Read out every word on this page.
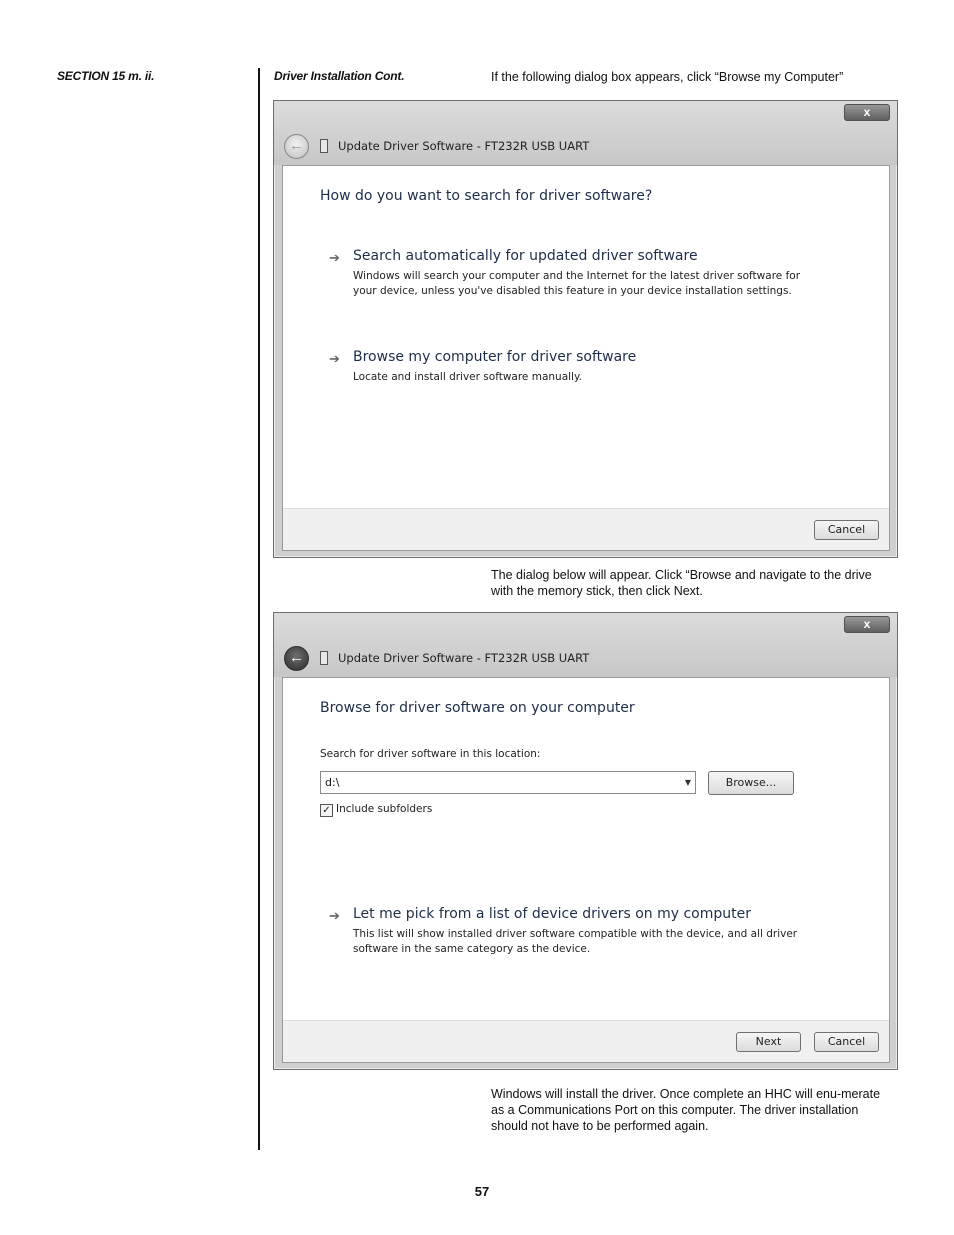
SECTION 15 m. ii.	Driver Installation Cont.	If the following dialog box appears, click “Browse my Computer”
x
←	Update Driver Software - FT232R USB UART
How do you want to search for driver software?
➔ Search automatically for updated driver software
Windows will search your computer and the Internet for the latest driver software for your device, unless you've disabled this feature in your device installation settings.
➔ Browse my computer for driver software
Locate and install driver software manually.
Cancel
The dialog below will appear. Click “Browse and navigate to the drive with the memory stick, then click Next.
x
←	Update Driver Software - FT232R USB UART
Browse for driver software on your computer
Search for driver software in this location:
d:\	▼	Browse...
✓ Include subfolders
➔ Let me pick from a list of device drivers on my computer
This list will show installed driver software compatible with the device, and all driver software in the same category as the device.
Next	Cancel
Windows will install the driver. Once complete an HHC will enu-merate as a Communications Port on this computer. The driver installation should not have to be performed again.
57
